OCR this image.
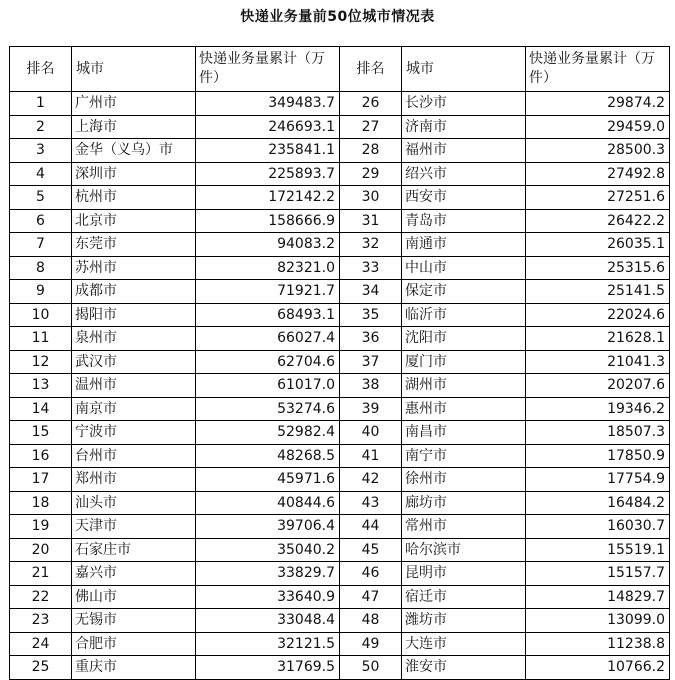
快递业务量前50位城市情况表
排名	城市	快递业务量累计（万件）	排名	城市	快递业务量累计（万件）
1	广州市	349483.7	26	长沙市	29874.2
2	上海市	246693.1	27	济南市	29459.0
3	金华（义乌）市	235841.1	28	福州市	28500.3
4	深圳市	225893.7	29	绍兴市	27492.8
5	杭州市	172142.2	30	西安市	27251.6
6	北京市	158666.9	31	青岛市	26422.2
7	东莞市	94083.2	32	南通市	26035.1
8	苏州市	82321.0	33	中山市	25315.6
9	成都市	71921.7	34	保定市	25141.5
10	揭阳市	68493.1	35	临沂市	22024.6
11	泉州市	66027.4	36	沈阳市	21628.1
12	武汉市	62704.6	37	厦门市	21041.3
13	温州市	61017.0	38	湖州市	20207.6
14	南京市	53274.6	39	惠州市	19346.2
15	宁波市	52982.4	40	南昌市	18507.3
16	台州市	48268.5	41	南宁市	17850.9
17	郑州市	45971.6	42	徐州市	17754.9
18	汕头市	40844.6	43	廊坊市	16484.2
19	天津市	39706.4	44	常州市	16030.7
20	石家庄市	35040.2	45	哈尔滨市	15519.1
21	嘉兴市	33829.7	46	昆明市	15157.7
22	佛山市	33640.9	47	宿迁市	14829.7
23	无锡市	33048.4	48	潍坊市	13099.0
24	合肥市	32121.5	49	大连市	11238.8
25	重庆市	31769.5	50	淮安市	10766.2
